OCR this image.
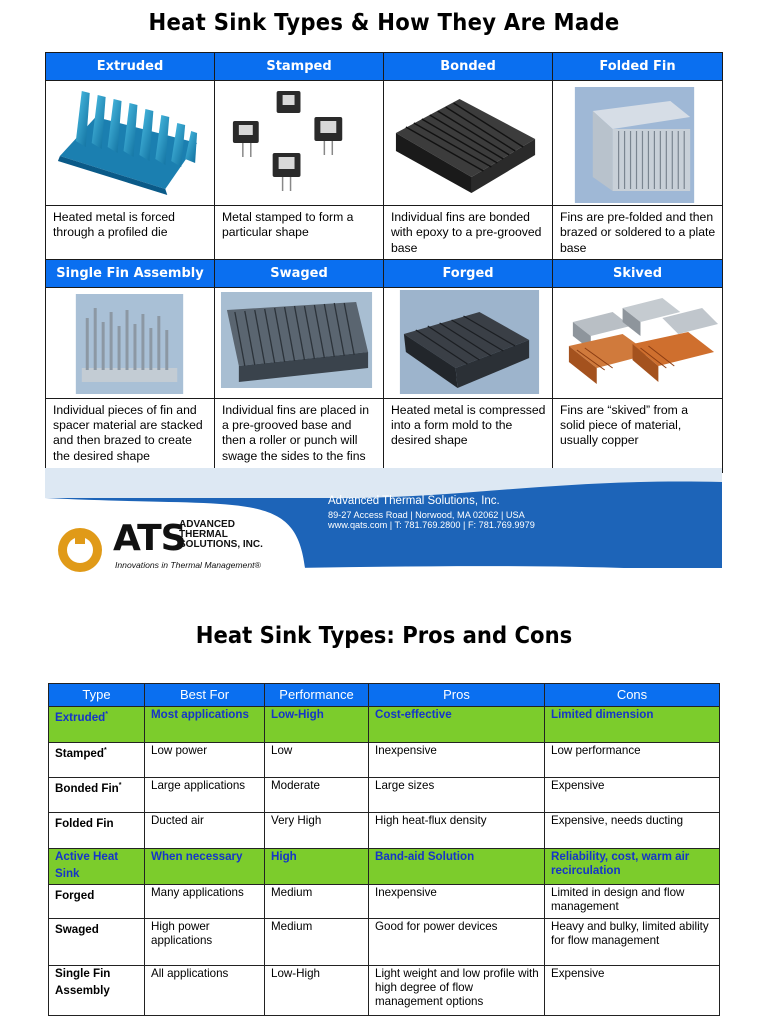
Heat Sink Types & How They Are Made
Extruded	Stamped	Bonded	Folded Fin

Heated metal is forced through a profiled die	Metal stamped to form a particular shape	Individual fins are bonded with epoxy to a pre-grooved base	Fins are pre-folded and then brazed or soldered to a plate base
Single Fin Assembly	Swaged	Forged	Skived

Individual pieces of fin and spacer material are stacked and then brazed to create the desired shape	Individual fins are placed in a pre-grooved base and then a roller or punch will swage the sides to the fins	Heated metal is compressed into a form mold to the desired shape	Fins are “skived” from a solid piece of material, usually copper
Advanced Thermal Solutions, Inc.
89-27 Access Road | Norwood, MA 02062 | USA
www.qats.com | T: 781.769.2800 | F: 781.769.9979
ATS
ADVANCED
THERMAL
SOLUTIONS, INC.
Innovations in Thermal Management®
Heat Sink Types: Pros and Cons
Type	Best For	Performance	Pros	Cons
Extruded*	Most applications	Low-High	Cost-effective	Limited dimension
Stamped*	Low power	Low	Inexpensive	Low performance
Bonded Fin*	Large applications	Moderate	Large sizes	Expensive
Folded Fin	Ducted air	Very High	High heat-flux density	Expensive, needs ducting
Active Heat Sink	When necessary	High	Band-aid Solution	Reliability, cost, warm air recirculation
Forged	Many applications	Medium	Inexpensive	Limited in design and flow management
Swaged	High power applications	Medium	Good for power devices	Heavy and bulky, limited ability for flow management
Single Fin Assembly	All applications	Low-High	Light weight and low profile with high degree of flow management options	Expensive
